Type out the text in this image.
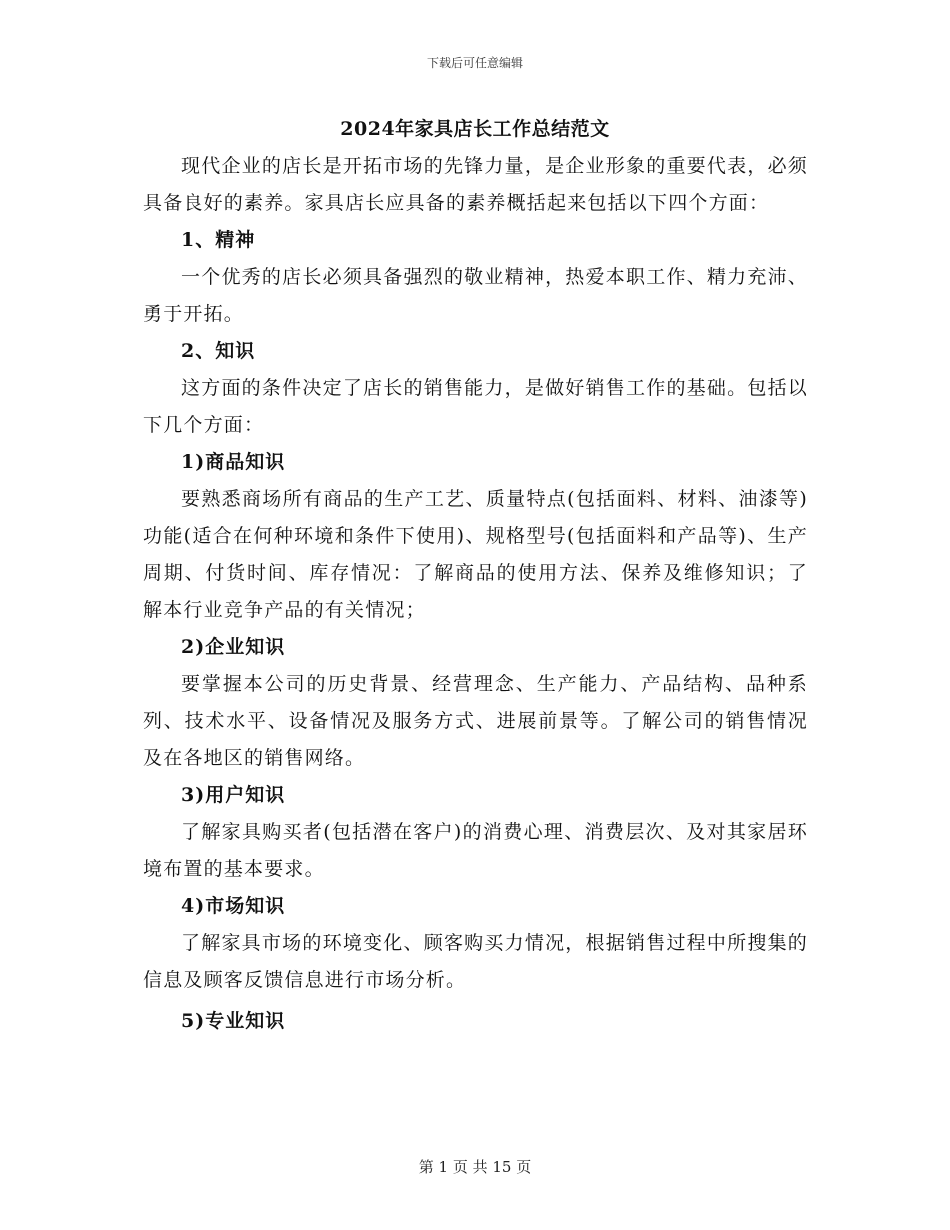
下载后可任意编辑
2024年家具店长工作总结范文

现代企业的店长是开拓市场的先锋力量，是企业形象的重要代表，必须具备良好的素养。家具店长应具备的素养概括起来包括以下四个方面：

1、精神

一个优秀的店长必须具备强烈的敬业精神，热爱本职工作、精力充沛、勇于开拓。

2、知识

这方面的条件决定了店长的销售能力，是做好销售工作的基础。包括以下几个方面：

1)商品知识

要熟悉商场所有商品的生产工艺、质量特点(包括面料、材料、油漆等)功能(适合在何种环境和条件下使用)、规格型号(包括面料和产品等)、生产周期、付货时间、库存情况：了解商品的使用方法、保养及维修知识；了解本行业竞争产品的有关情况；

2)企业知识

要掌握本公司的历史背景、经营理念、生产能力、产品结构、品种系列、技术水平、设备情况及服务方式、进展前景等。了解公司的销售情况及在各地区的销售网络。

3)用户知识

了解家具购买者(包括潜在客户)的消费心理、消费层次、及对其家居环境布置的基本要求。

4)市场知识

了解家具市场的环境变化、顾客购买力情况，根据销售过程中所搜集的信息及顾客反馈信息进行市场分析。

5)专业知识

第 1 页 共 15 页
